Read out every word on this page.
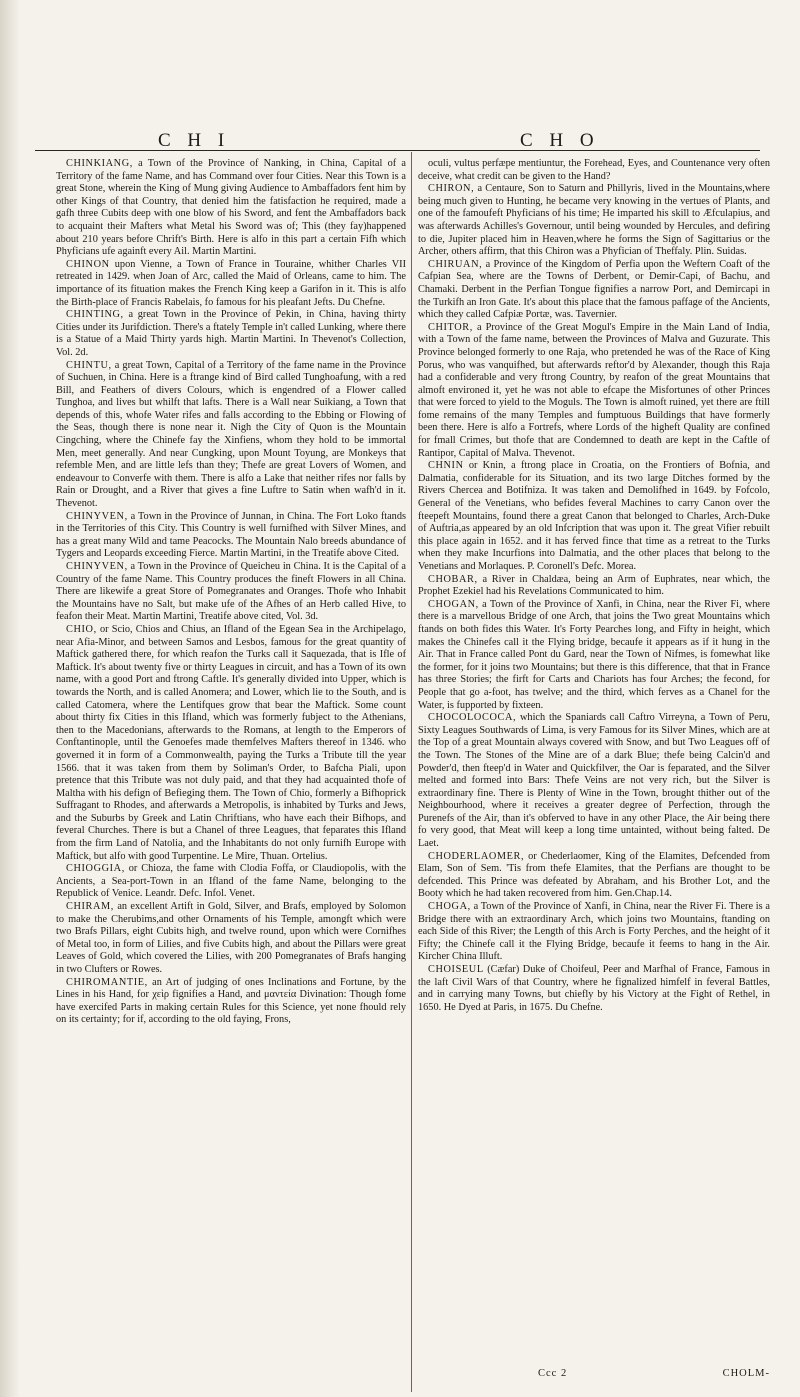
C H I	C H O

CHINKIANG, a Town of the Province of Nanking, in China, Capital of a Territory of the fame Name, and has Command over four Cities. Near this Town is a great Stone, wherein the King of Mung giving Audience to Ambaffadors fent him by other Kings of that Country, that denied him the fatisfaction he required, made a gafh three Cubits deep with one blow of his Sword, and fent the Ambaffadors back to acquaint their Mafters what Metal his Sword was of; This (they fay)happened about 210 years before Chrift's Birth. Here is alfo in this part a certain Fifh which Phyficians ufe againft every Ail. Martin Martini.

CHINON upon Vienne, a Town of France in Touraine, whither Charles VII retreated in 1429. when Joan of Arc, called the Maid of Orleans, came to him. The importance of its fituation makes the French King keep a Garifon in it. This is alfo the Birth-place of Francis Rabelais, fo famous for his pleafant Jefts. Du Chefne.

CHINTING, a great Town in the Province of Pekin, in China, having thirty Cities under its Jurifdiction. There's a ftately Temple in't called Lunking, where there is a Statue of a Maid Thirty yards high. Martin Martini. In Thevenot's Collection, Vol. 2d.

CHINTU, a great Town, Capital of a Territory of the fame name in the Province of Suchuen, in China. Here is a ftrange kind of Bird called Tunghoafung, with a red Bill, and Feathers of divers Colours, which is engendred of a Flower called Tunghoa, and lives but whilft that lafts. There is a Wall near Suikiang, a Town that depends of this, whofe Water rifes and falls according to the Ebbing or Flowing of the Seas, though there is none near it. Nigh the City of Quon is the Mountain Cingching, where the Chinefe fay the Xinfiens, whom they hold to be immortal Men, meet generally. And near Cungking, upon Mount Toyung, are Monkeys that refemble Men, and are little lefs than they; Thefe are great Lovers of Women, and endeavour to Converfe with them. There is alfo a Lake that neither rifes nor falls by Rain or Drought, and a River that gives a fine Luftre to Satin when wafh'd in it. Thevenot.

CHINYVEN, a Town in the Province of Junnan, in China. The Fort Loko ftands in the Territories of this City. This Country is well furnifhed with Silver Mines, and has a great many Wild and tame Peacocks. The Mountain Nalo breeds abundance of Tygers and Leopards exceeding Fierce. Martin Martini, in the Treatife above Cited.

CHINYVEN, a Town in the Province of Queicheu in China. It is the Capital of a Country of the fame Name. This Country produces the fineft Flowers in all China. There are likewife a great Store of Pomegranates and Oranges. Thofe who Inhabit the Mountains have no Salt, but make ufe of the Afhes of an Herb called Hive, to feafon their Meat. Martin Martini, Treatife above cited, Vol. 3d.

CHIO, or Scio, Chios and Chius, an Ifland of the Egean Sea in the Archipelago, near Afia-Minor, and between Samos and Lesbos, famous for the great quantity of Maftick gathered there, for which reafon the Turks call it Saquezada, that is Ifle of Maftick. It's about twenty five or thirty Leagues in circuit, and has a Town of its own name, with a good Port and ftrong Caftle. It's generally divided into Upper, which is towards the North, and is called Anomera; and Lower, which lie to the South, and is called Catomera, where the Lentifques grow that bear the Maftick. Some count about thirty fix Cities in this Ifland, which was formerly fubject to the Athenians, then to the Macedonians, afterwards to the Romans, at length to the Emperors of Conftantinople, until the Genoefes made themfelves Mafters thereof in 1346. who governed it in form of a Commonwealth, paying the Turks a Tribute till the year 1566. that it was taken from them by Soliman's Order, to Bafcha Piali, upon pretence that this Tribute was not duly paid, and that they had acquainted thofe of Maltha with his defign of Befieging them. The Town of Chio, formerly a Bifhoprick Suffragant to Rhodes, and afterwards a Metropolis, is inhabited by Turks and Jews, and the Suburbs by Greek and Latin Chriftians, who have each their Bifhops, and feveral Churches. There is but a Chanel of three Leagues, that feparates this Ifland from the firm Land of Natolia, and the Inhabitants do not only furnifh Europe with Maftick, but alfo with good Turpentine. Le Mire, Thuan. Ortelius.

CHIOGGIA, or Chioza, the fame with Clodia Foffa, or Claudiopolis, with the Ancients, a Sea-port-Town in an Ifland of the fame Name, belonging to the Republick of Venice. Leandr. Defc. Infol. Venet.

CHIRAM, an excellent Artift in Gold, Silver, and Brafs, employed by Solomon to make the Cherubims,and other Ornaments of his Temple, amongft which were two Brafs Pillars, eight Cubits high, and twelve round, upon which were Cornifhes of Metal too, in form of Lilies, and five Cubits high, and about the Pillars were great Leaves of Gold, which covered the Lilies, with 200 Pomegranates of Brafs hanging in two Clufters or Rowes.

CHIROMANTIE, an Art of judging of ones Inclinations and Fortune, by the Lines in his Hand, for χεὶρ fignifies a Hand, and μαντεία Divination: Though fome have exercifed Parts in making certain Rules for this Science, yet none fhould rely on its certainty; for if, according to the old faying, Frons,

oculi, vultus perfæpe mentiuntur, the Forehead, Eyes, and Countenance very often deceive, what credit can be given to the Hand?

CHIRON, a Centaure, Son to Saturn and Phillyris, lived in the Mountains,where being much given to Hunting, he became very knowing in the vertues of Plants, and one of the famoufeft Phyficians of his time; He imparted his skill to Æfculapius, and was afterwards Achilles's Governour, until being wounded by Hercules, and defiring to die, Jupiter placed him in Heaven,where he forms the Sign of Sagittarius or the Archer, others affirm, that this Chiron was a Phyfician of Theffaly. Plin. Suidas.

CHIRUAN, a Province of the Kingdom of Perfia upon the Weftern Coaft of the Cafpian Sea, where are the Towns of Derbent, or Demir-Capi, of Bachu, and Chamaki. Derbent in the Perfian Tongue fignifies a narrow Port, and Demircapi in the Turkifh an Iron Gate. It's about this place that the famous paffage of the Ancients, which they called Cafpiæ Portæ, was. Tavernier.

CHITOR, a Province of the Great Mogul's Empire in the Main Land of India, with a Town of the fame name, between the Provinces of Malva and Guzurate. This Province belonged formerly to one Raja, who pretended he was of the Race of King Porus, who was vanquifhed, but afterwards reftor'd by Alexander, though this Raja had a confiderable and very ftrong Country, by reafon of the great Mountains that almoft environed it, yet he was not able to efcape the Misfortunes of other Princes that were forced to yield to the Moguls. The Town is almoft ruined, yet there are ftill fome remains of the many Temples and fumptuous Buildings that have formerly been there. Here is alfo a Fortrefs, where Lords of the higheft Quality are confined for fmall Crimes, but thofe that are Condemned to death are kept in the Caftle of Rantipor, Capital of Malva. Thevenot.

CHNIN or Knin, a ftrong place in Croatia, on the Frontiers of Bofnia, and Dalmatia, confiderable for its Situation, and its two large Ditches formed by the Rivers Chercea and Botifniza. It was taken and Demolifhed in 1649. by Fofcolo, General of the Venetians, who befides feveral Machines to carry Canon over the fteepeft Mountains, found there a great Canon that belonged to Charles, Arch-Duke of Auftria,as appeared by an old Infcription that was upon it. The great Vifier rebuilt this place again in 1652. and it has ferved fince that time as a retreat to the Turks when they make Incurfions into Dalmatia, and the other places that belong to the Venetians and Morlaques. P. Coronell's Defc. Morea.

CHOBAR, a River in Chaldæa, being an Arm of Euphrates, near which, the Prophet Ezekiel had his Revelations Communicated to him.

CHOGAN, a Town of the Province of Xanfi, in China, near the River Fi, where there is a marvellous Bridge of one Arch, that joins the Two great Mountains which ftands on both fides this Water. It's Forty Pearches long, and Fifty in height, which makes the Chinefes call it the Flying bridge, becaufe it appears as if it hung in the Air. That in France called Pont du Gard, near the Town of Nifmes, is fomewhat like the former, for it joins two Mountains; but there is this difference, that that in France has three Stories; the firft for Carts and Chariots has four Arches; the fecond, for People that go a-foot, has twelve; and the third, which ferves as a Chanel for the Water, is fupported by fixteen.

CHOCOLOCOCA, which the Spaniards call Caftro Virreyna, a Town of Peru, Sixty Leagues Southwards of Lima, is very Famous for its Silver Mines, which are at the Top of a great Mountain always covered with Snow, and but Two Leagues off of the Town. The Stones of the Mine are of a dark Blue; thefe being Calcin'd and Powder'd, then fteep'd in Water and Quickfilver, the Oar is feparated, and the Silver melted and formed into Bars: Thefe Veins are not very rich, but the Silver is extraordinary fine. There is Plenty of Wine in the Town, brought thither out of the Neighbourhood, where it receives a greater degree of Perfection, through the Purenefs of the Air, than it's obferved to have in any other Place, the Air being there fo very good, that Meat will keep a long time untainted, without being falted. De Laet.

CHODERLAOMER, or Chederlaomer, King of the Elamites, Defcended from Elam, Son of Sem. 'Tis from thefe Elamites, that the Perfians are thought to be defcended. This Prince was defeated by Abraham, and his Brother Lot, and the Booty which he had taken recovered from him. Gen.Chap.14.

CHOGA, a Town of the Province of Xanfi, in China, near the River Fi. There is a Bridge there with an extraordinary Arch, which joins two Mountains, ftanding on each Side of this River; the Length of this Arch is Forty Perches, and the height of it Fifty; the Chinefe call it the Flying Bridge, becaufe it feems to hang in the Air. Kircher China Illuft.

CHOISEUL (Cæfar) Duke of Choifeul, Peer and Marfhal of France, Famous in the laft Civil Wars of that Country, where he fignalized himfelf in feveral Battles, and in carrying many Towns, but chiefly by his Victory at the Fight of Rethel, in 1650. He Dyed at Paris, in 1675. Du Chefne.

Ccc 2	CHOLM-
